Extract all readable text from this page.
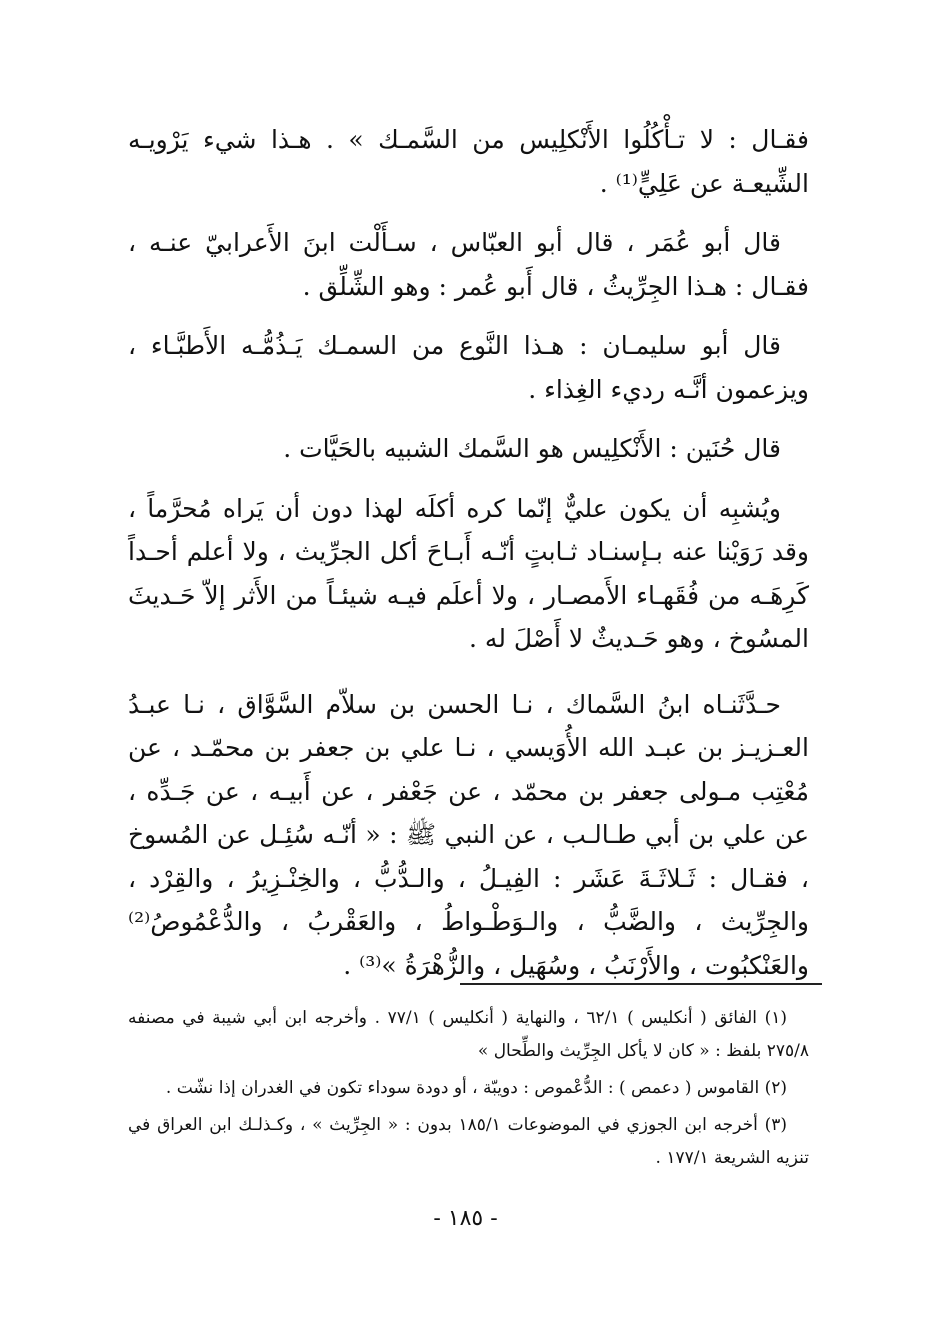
فقـال : لا تـأْكُلُوا الأَنْكلِيس من السَّمـك » . هـذا شيء يَرْويـه الشِّيعـة عن عَلِيٍّ⁽¹⁾ .

قال أبو عُمَر ، قال أبو العبّاس ، سـأَلْت ابنَ الأَعرابيّ عنـه ، فقـال : هـذا الجِرِّيثُ ، قال أَبو عُمر : وهو الشِّلِّق .

قال أبو سليمـان : هـذا النَّوع من السمـك يَـذُمُّـه الأَطبَّـاء ، ويزعمون أنَّـه رديء الغِذاء .

قال حُنَين : الأَنْكلِيس هو السَّمك الشبيه بالحَيَّات .

ويُشبِه أن يكون عليٌّ إنّما كره أكلَه لهذا دون أن يَراه مُحرَّماً ، وقد رَوَيْنا عنه بـإسنـاد ثـابتٍ أنّـه أَبـاحَ أكل الجرِّيث ، ولا أعلم أحـداً كَرِهَـه من فُقَهـاء الأَمصـار ، ولا أعلَم فيـه شيئـاً من الأَثر إلاّ حَـديثَ المسُوخ ، وهو حَـديثٌ لا أَصْلَ له .

حـدَّثَنـاه ابنُ السَّماك ، نـا الحسن بن سلاّم السَّوَّاق ، نـا عبـدُ العـزيـز بن عبـد الله الأُوَيسي ، نـا علي بن جعفر بن محمّـد ، عن مُعْتِب مـولى جعفر بن محمّد ، عن جَعْفر ، عن أَبيـه ، عن جَـدِّه ، عن علي بن أبي طـالـب ، عن النبي ﷺ : « أنّـه سُئِـل عن المُسوخ ، فقـال : ثَـلاثَـةَ عَشَر : الفِيـلُ ، والـدُّبُّ ، والخِنْـزِيرُ ، والقِرْد ، والجِرِّيث ، والضَّبُّ ، والـوَطْـواطُ ، والعَقْربُ ، والدُّعْمُوصُ⁽²⁾ والعَنْكبُوت ، والأَرْنَبُ ، وسُهَيل ، والزُّهْرَةُ »⁽³⁾ .

(١) الفائق ( أنكليس ) ٦٢/١ ، والنهاية ( أنكليس ) ٧٧/١ . وأخرجه ابن أبي شيبة في مصنفه ٢٧٥/٨ بلفظ : « كان لا يأكل الجِرِّيث والطِّحال »

(٢) القاموس ( دعمص ) : الدُّعْموص : دويبّة ، أو دودة سوداء تكون في الغدران إذا نشّت .

(٣) أخرجه ابن الجوزي في الموضوعات ١٨٥/١ بدون : « الجِرِّيث » ، وكـذلـك ابن العراق في تنزيه الشريعة ١٧٧/١ .

- ١٨٥ -
